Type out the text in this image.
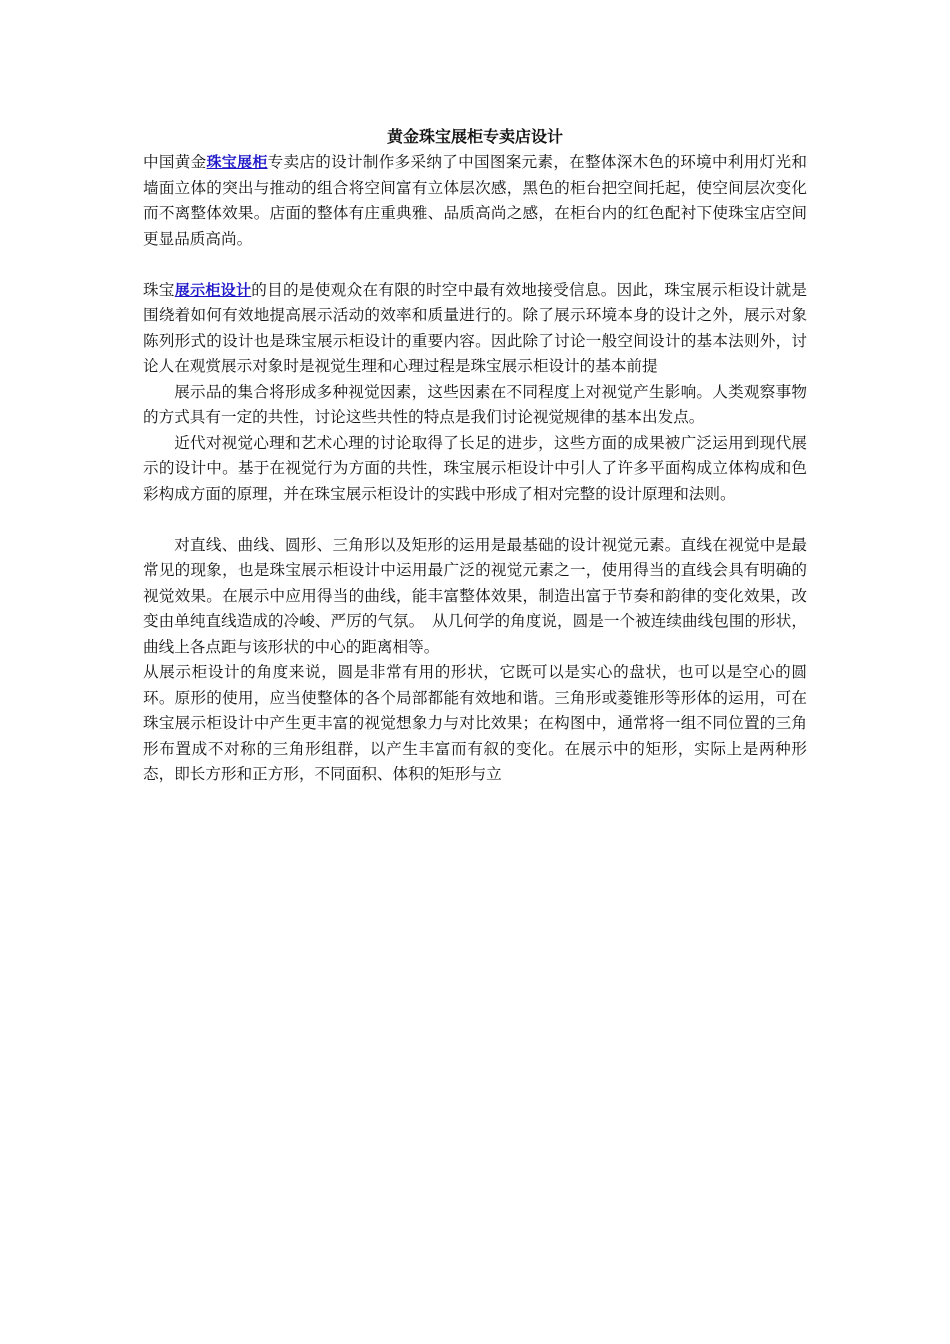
黄金珠宝展柜专卖店设计

中国黄金珠宝展柜专卖店的设计制作多采纳了中国图案元素，在整体深木色的环境中利用灯光和墙面立体的突出与推动的组合将空间富有立体层次感，黑色的柜台把空间托起，使空间层次变化而不离整体效果。店面的整体有庄重典雅、品质高尚之感，在柜台内的红色配衬下使珠宝店空间更显品质高尚。

珠宝展示柜设计的目的是使观众在有限的时空中最有效地接受信息。因此，珠宝展示柜设计就是围绕着如何有效地提高展示活动的效率和质量进行的。除了展示环境本身的设计之外，展示对象陈列形式的设计也是珠宝展示柜设计的重要内容。因此除了讨论一般空间设计的基本法则外，讨论人在观赏展示对象时是视觉生理和心理过程是珠宝展示柜设计的基本前提

展示品的集合将形成多种视觉因素，这些因素在不同程度上对视觉产生影响。人类观察事物的方式具有一定的共性，讨论这些共性的特点是我们讨论视觉规律的基本出发点。

近代对视觉心理和艺术心理的讨论取得了长足的进步，这些方面的成果被广泛运用到现代展示的设计中。基于在视觉行为方面的共性，珠宝展示柜设计中引人了许多平面构成立体构成和色彩构成方面的原理，并在珠宝展示柜设计的实践中形成了相对完整的设计原理和法则。

对直线、曲线、圆形、三角形以及矩形的运用是最基础的设计视觉元素。直线在视觉中是最常见的现象，也是珠宝展示柜设计中运用最广泛的视觉元素之一，使用得当的直线会具有明确的视觉效果。在展示中应用得当的曲线，能丰富整体效果，制造出富于节奏和韵律的变化效果，改变由单纯直线造成的冷峻、严厉的气氛。　从几何学的角度说，圆是一个被连续曲线包围的形状，曲线上各点距与该形状的中心的距离相等。

从展示柜设计的角度来说，圆是非常有用的形状，它既可以是实心的盘状，也可以是空心的圆环。原形的使用，应当使整体的各个局部都能有效地和谐。三角形或菱锥形等形体的运用，可在珠宝展示柜设计中产生更丰富的视觉想象力与对比效果；在构图中，通常将一组不同位置的三角形布置成不对称的三角形组群，以产生丰富而有叙的变化。在展示中的矩形，实际上是两种形态，即长方形和正方形，不同面积、体积的矩形与立
